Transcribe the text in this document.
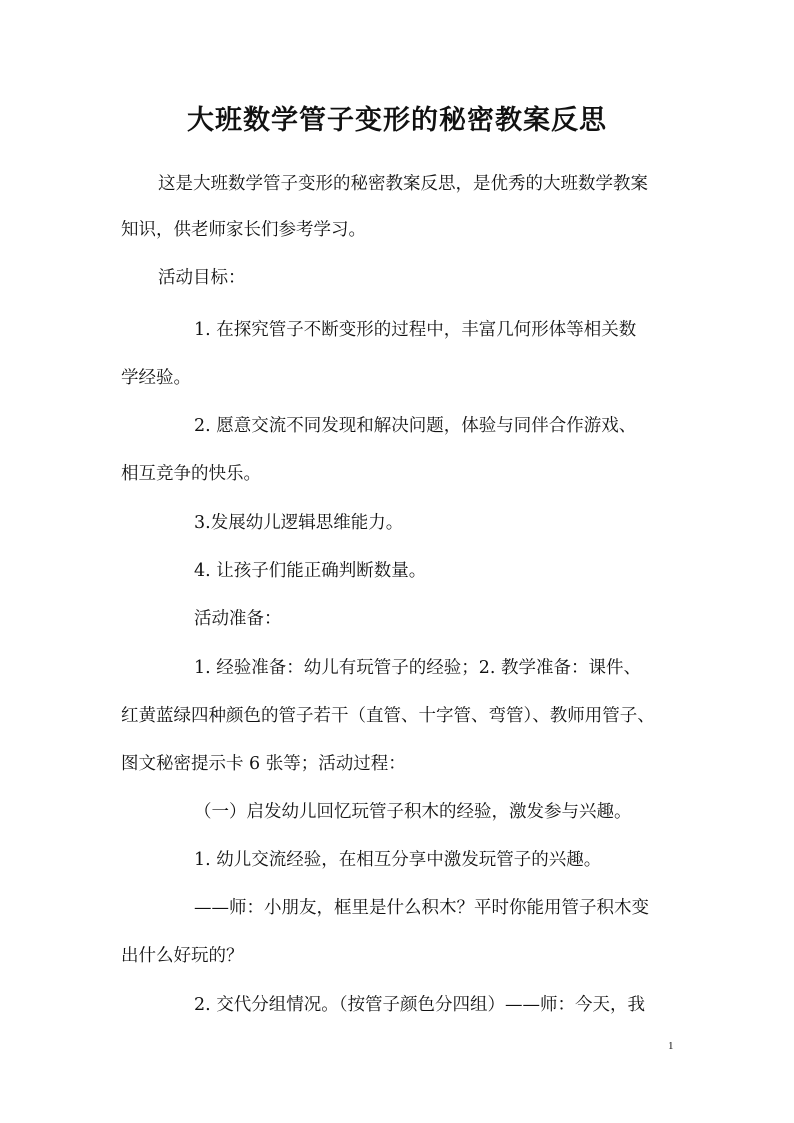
大班数学管子变形的秘密教案反思
这是大班数学管子变形的秘密教案反思，是优秀的大班数学教案
知识，供老师家长们参考学习。
活动目标：
1. 在探究管子不断变形的过程中，丰富几何形体等相关数
学经验。
2. 愿意交流不同发现和解决问题，体验与同伴合作游戏、
相互竞争的快乐。
3.发展幼儿逻辑思维能力。
4. 让孩子们能正确判断数量。
活动准备：
1. 经验准备：幼儿有玩管子的经验；2. 教学准备：课件、
红黄蓝绿四种颜色的管子若干（直管、十字管、弯管）、教师用管子、
图文秘密提示卡 6 张等；活动过程：
（一）启发幼儿回忆玩管子积木的经验，激发参与兴趣。
1. 幼儿交流经验，在相互分享中激发玩管子的兴趣。
——师：小朋友，框里是什么积木？平时你能用管子积木变
出什么好玩的？
2. 交代分组情况。（按管子颜色分四组）——师：今天，我
1
